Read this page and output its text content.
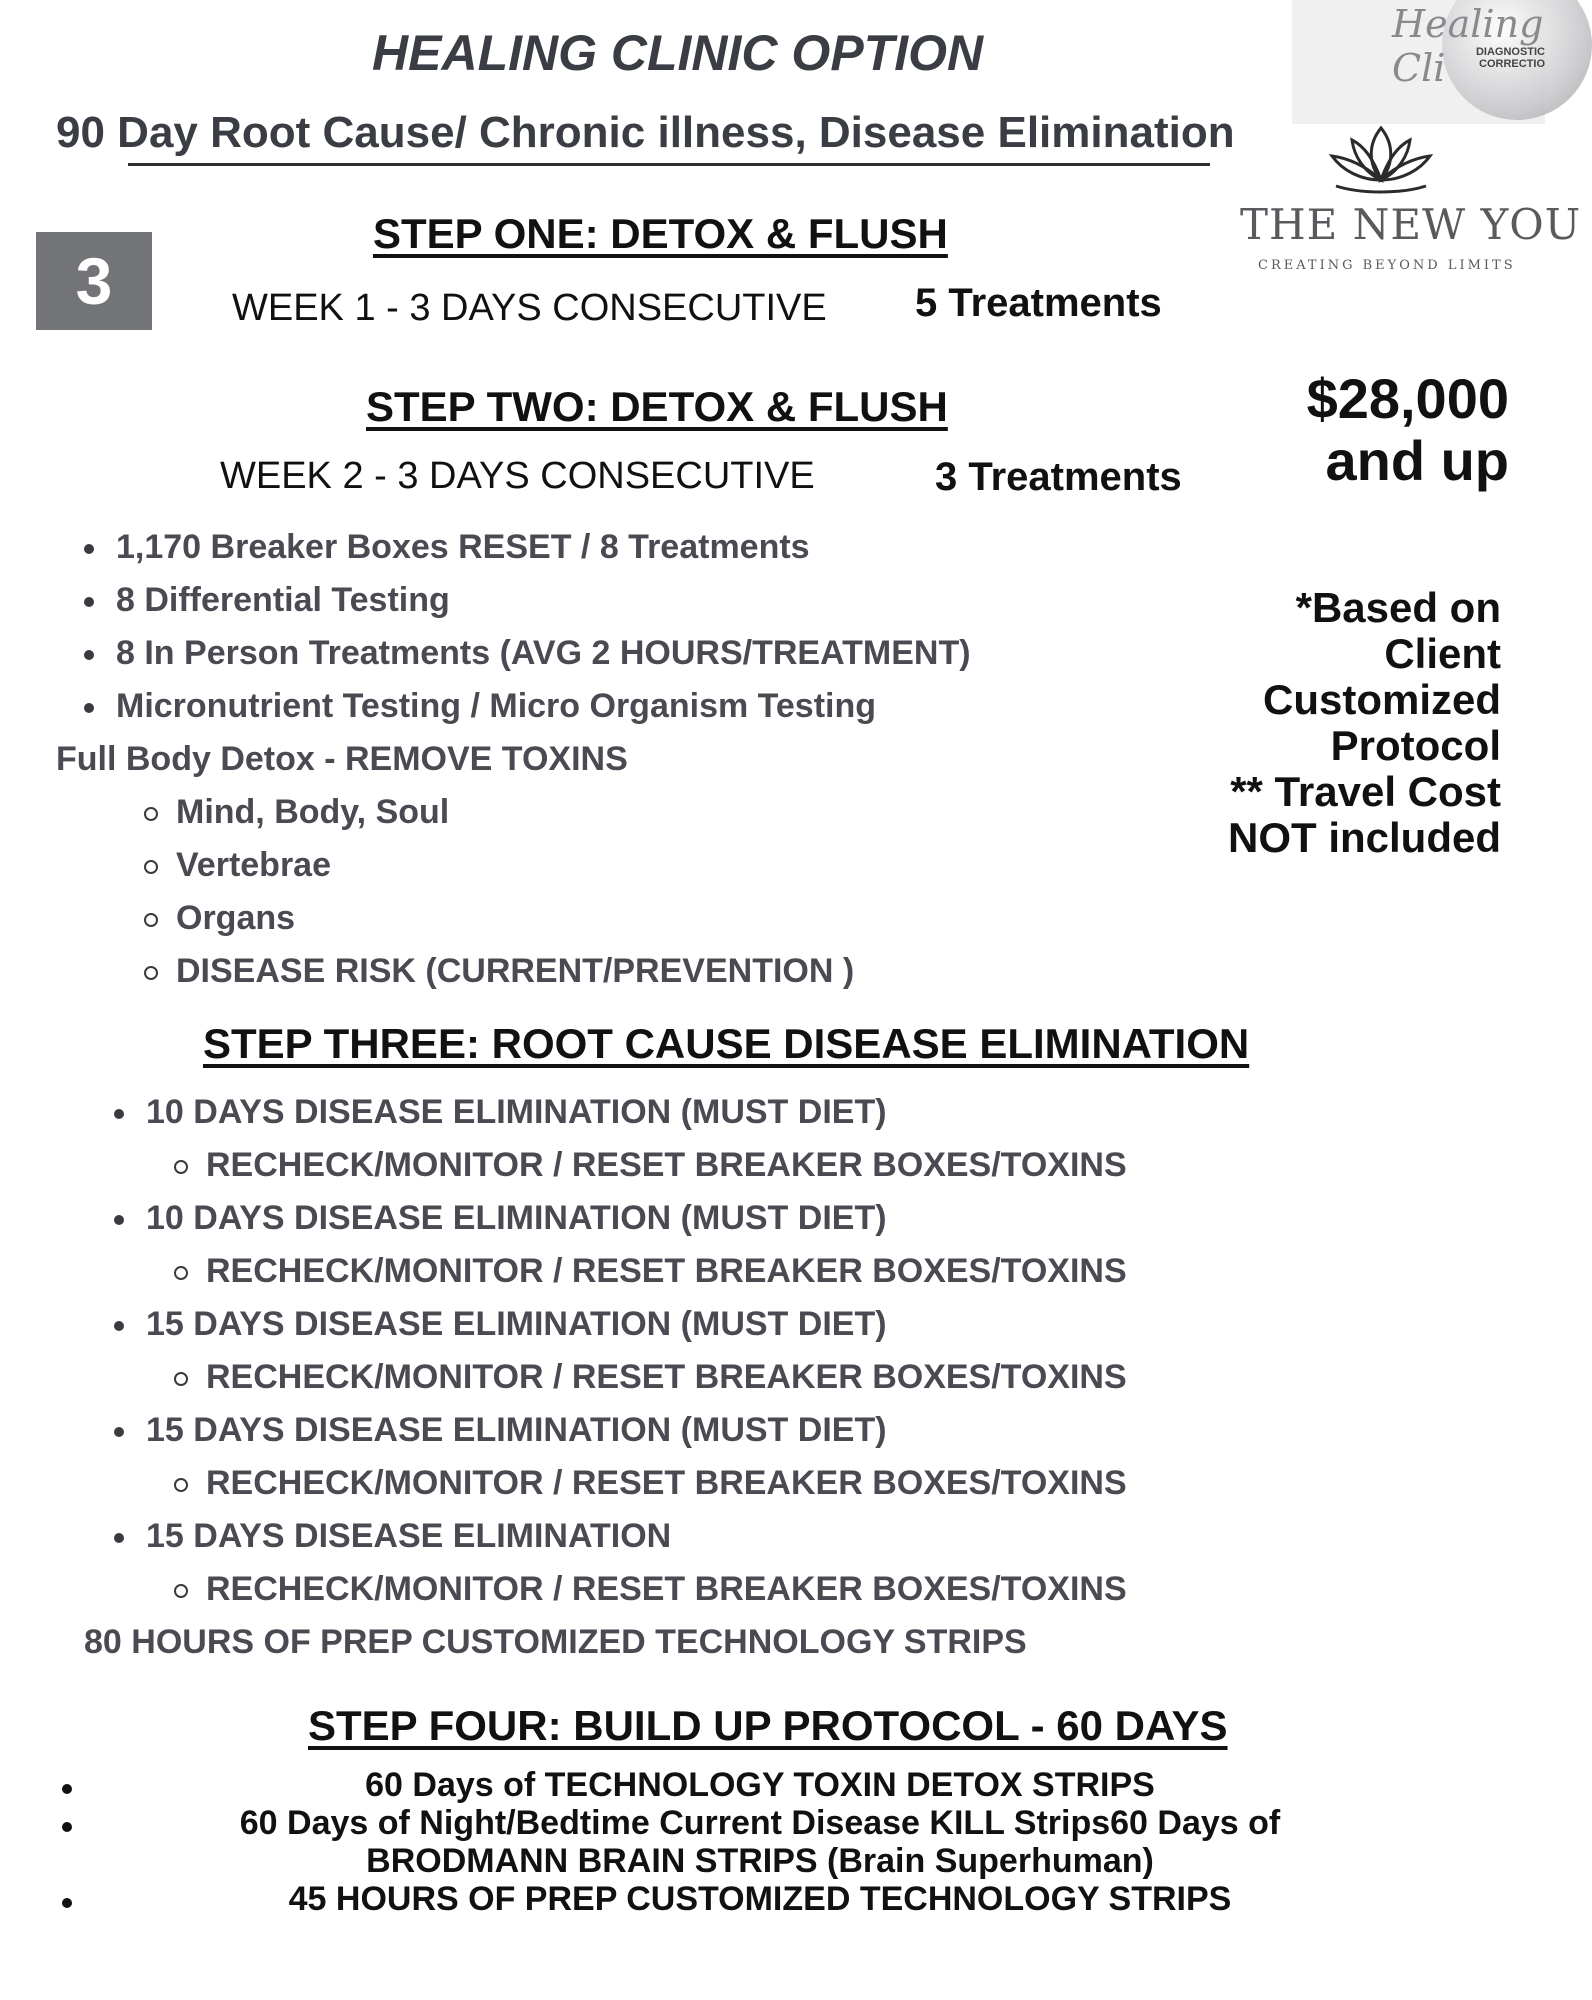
Healing Cli	DIAGNOSTIC
CORRECTIO
THE NEW YOU
CREATING BEYOND LIMITS
HEALING CLINIC OPTION
90 Day Root Cause/ Chronic illness, Disease Elimination
3
STEP ONE: DETOX & FLUSH
WEEK 1 - 3 DAYS CONSECUTIVE 5 Treatments
STEP TWO: DETOX & FLUSH
WEEK 2 - 3 DAYS CONSECUTIVE	3 Treatments
$28,000
and up
*Based on
Client
Customized
Protocol
** Travel Cost
NOT included
1,170 Breaker Boxes RESET / 8 Treatments
8 Differential Testing
8 In Person Treatments (AVG 2 HOURS/TREATMENT)
Micronutrient Testing / Micro Organism Testing
Full Body Detox - REMOVE TOXINS
Mind, Body, Soul
Vertebrae
Organs
DISEASE RISK (CURRENT/PREVENTION )
STEP THREE: ROOT CAUSE DISEASE ELIMINATION
10 DAYS DISEASE ELIMINATION (MUST DIET)
RECHECK/MONITOR / RESET BREAKER BOXES/TOXINS
10 DAYS DISEASE ELIMINATION (MUST DIET)
RECHECK/MONITOR / RESET BREAKER BOXES/TOXINS
15 DAYS DISEASE ELIMINATION (MUST DIET)
RECHECK/MONITOR / RESET BREAKER BOXES/TOXINS
15 DAYS DISEASE ELIMINATION (MUST DIET)
RECHECK/MONITOR / RESET BREAKER BOXES/TOXINS
15 DAYS DISEASE ELIMINATION
RECHECK/MONITOR / RESET BREAKER BOXES/TOXINS
80 HOURS OF PREP CUSTOMIZED TECHNOLOGY STRIPS
STEP FOUR: BUILD UP PROTOCOL - 60 DAYS
60 Days of TECHNOLOGY TOXIN DETOX STRIPS
60 Days of Night/Bedtime Current Disease KILL Strips60 Days of
BRODMANN BRAIN STRIPS (Brain Superhuman)
45 HOURS OF PREP CUSTOMIZED TECHNOLOGY STRIPS
